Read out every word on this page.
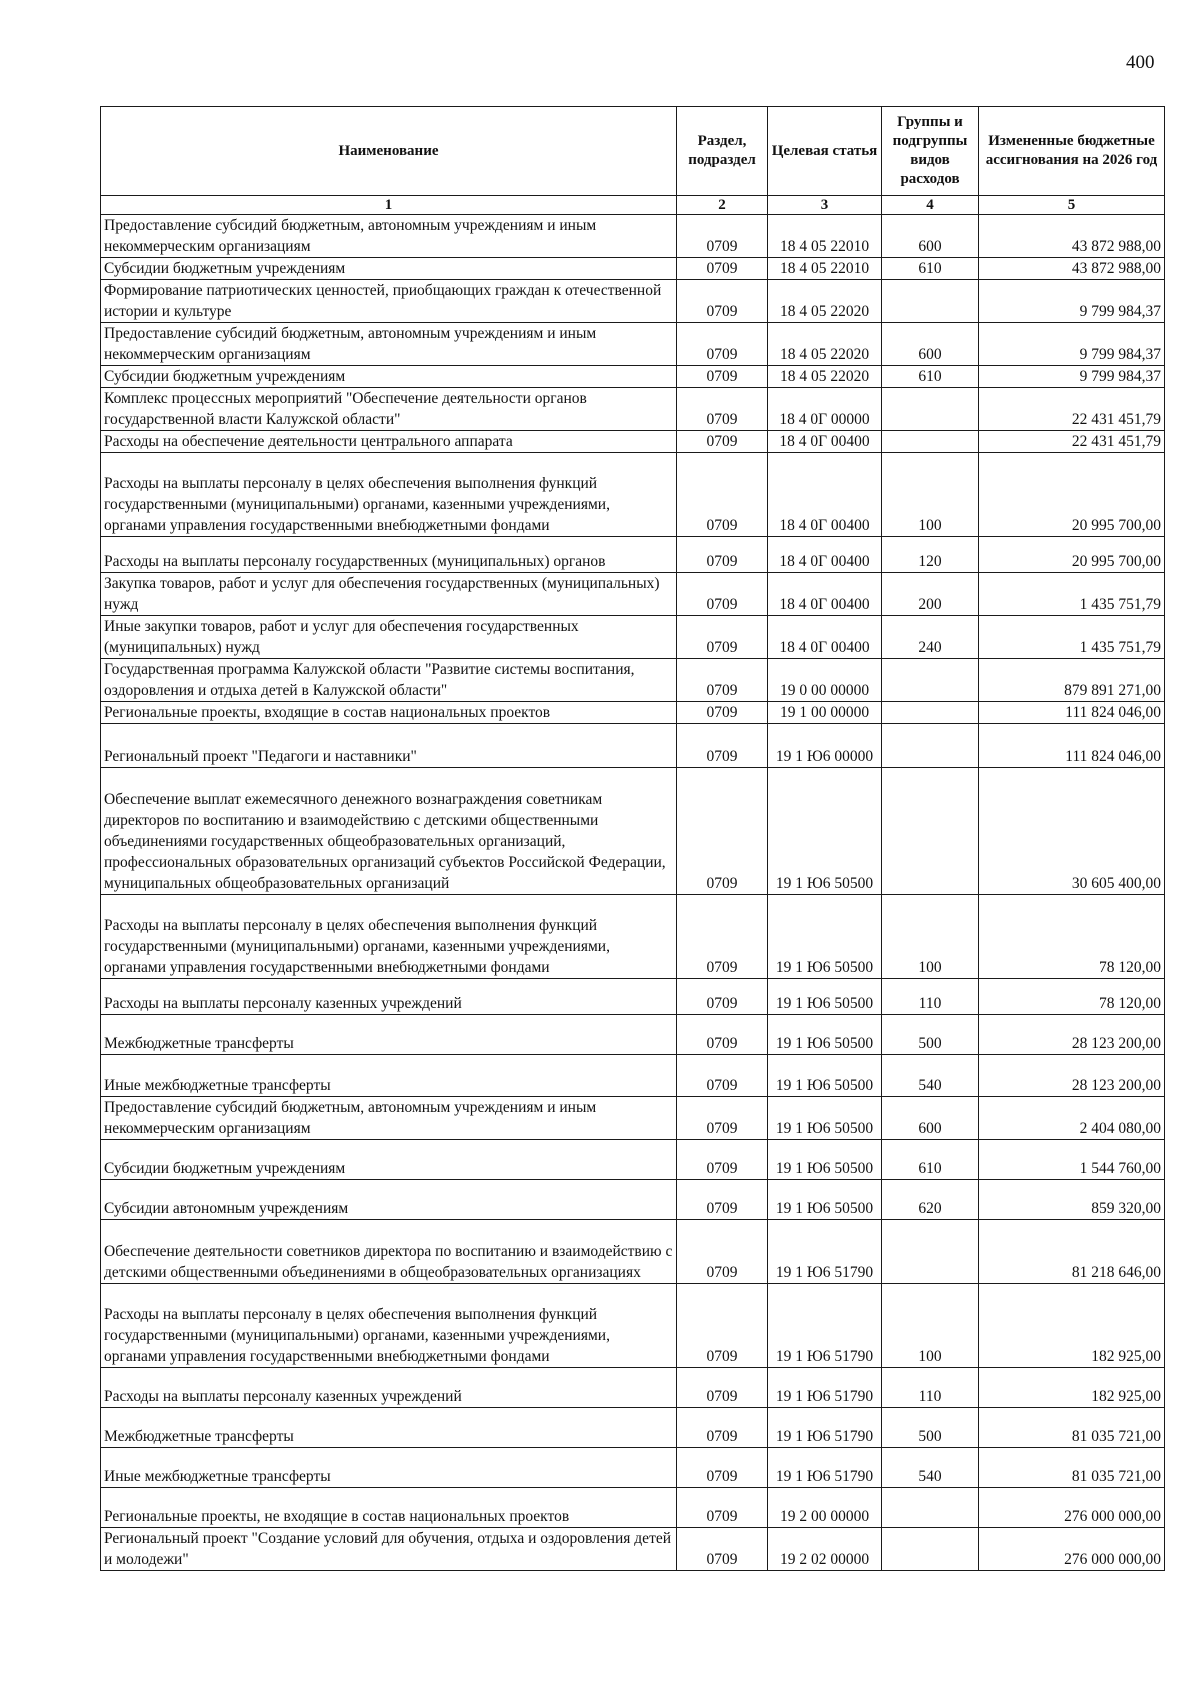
400
Наименование	Раздел, подраздел	Целевая статья	Группы и подгруппы видов расходов	Измененные бюджетные ассигнования на 2026 год
1	2	3	4	5
Предоставление субсидий бюджетным, автономным учреждениям и иным некоммерческим организациям	0709	18 4 05 22010	600	43 872 988,00
Субсидии бюджетным учреждениям	0709	18 4 05 22010	610	43 872 988,00
Формирование патриотических ценностей, приобщающих граждан к отечественной истории и культуре	0709	18 4 05 22020		9 799 984,37
Предоставление субсидий бюджетным, автономным учреждениям и иным некоммерческим организациям	0709	18 4 05 22020	600	9 799 984,37
Субсидии бюджетным учреждениям	0709	18 4 05 22020	610	9 799 984,37
Комплекс процессных мероприятий "Обеспечение деятельности органов государственной власти Калужской области"	0709	18 4 0Г 00000		22 431 451,79
Расходы на обеспечение деятельности центрального аппарата	0709	18 4 0Г 00400		22 431 451,79
Расходы на выплаты персоналу в целях обеспечения выполнения функций государственными (муниципальными) органами, казенными учреждениями, органами управления государственными внебюджетными фондами	0709	18 4 0Г 00400	100	20 995 700,00
Расходы на выплаты персоналу государственных (муниципальных) органов	0709	18 4 0Г 00400	120	20 995 700,00
Закупка товаров, работ и услуг для обеспечения государственных (муниципальных) нужд	0709	18 4 0Г 00400	200	1 435 751,79
Иные закупки товаров, работ и услуг для обеспечения государственных (муниципальных) нужд	0709	18 4 0Г 00400	240	1 435 751,79
Государственная программа Калужской области "Развитие системы воспитания, оздоровления и отдыха детей в Калужской области"	0709	19 0 00 00000		879 891 271,00
Региональные проекты, входящие в состав национальных проектов	0709	19 1 00 00000		111 824 046,00
Региональный проект "Педагоги и наставники"	0709	19 1 Ю6 00000		111 824 046,00
Обеспечение выплат ежемесячного денежного вознаграждения советникам директоров по воспитанию и взаимодействию с детскими общественными объединениями государственных общеобразовательных организаций, профессиональных образовательных организаций субъектов Российской Федерации, муниципальных общеобразовательных организаций	0709	19 1 Ю6 50500		30 605 400,00
Расходы на выплаты персоналу в целях обеспечения выполнения функций государственными (муниципальными) органами, казенными учреждениями, органами управления государственными внебюджетными фондами	0709	19 1 Ю6 50500	100	78 120,00
Расходы на выплаты персоналу казенных учреждений	0709	19 1 Ю6 50500	110	78 120,00
Межбюджетные трансферты	0709	19 1 Ю6 50500	500	28 123 200,00
Иные межбюджетные трансферты	0709	19 1 Ю6 50500	540	28 123 200,00
Предоставление субсидий бюджетным, автономным учреждениям и иным некоммерческим организациям	0709	19 1 Ю6 50500	600	2 404 080,00
Субсидии бюджетным учреждениям	0709	19 1 Ю6 50500	610	1 544 760,00
Субсидии автономным учреждениям	0709	19 1 Ю6 50500	620	859 320,00
Обеспечение деятельности советников директора по воспитанию и взаимодействию с детскими общественными объединениями в общеобразовательных организациях	0709	19 1 Ю6 51790		81 218 646,00
Расходы на выплаты персоналу в целях обеспечения выполнения функций государственными (муниципальными) органами, казенными учреждениями, органами управления государственными внебюджетными фондами	0709	19 1 Ю6 51790	100	182 925,00
Расходы на выплаты персоналу казенных учреждений	0709	19 1 Ю6 51790	110	182 925,00
Межбюджетные трансферты	0709	19 1 Ю6 51790	500	81 035 721,00
Иные межбюджетные трансферты	0709	19 1 Ю6 51790	540	81 035 721,00
Региональные проекты, не входящие в состав национальных проектов	0709	19 2 00 00000		276 000 000,00
Региональный проект "Создание условий для обучения, отдыха и оздоровления детей и молодежи"	0709	19 2 02 00000		276 000 000,00
